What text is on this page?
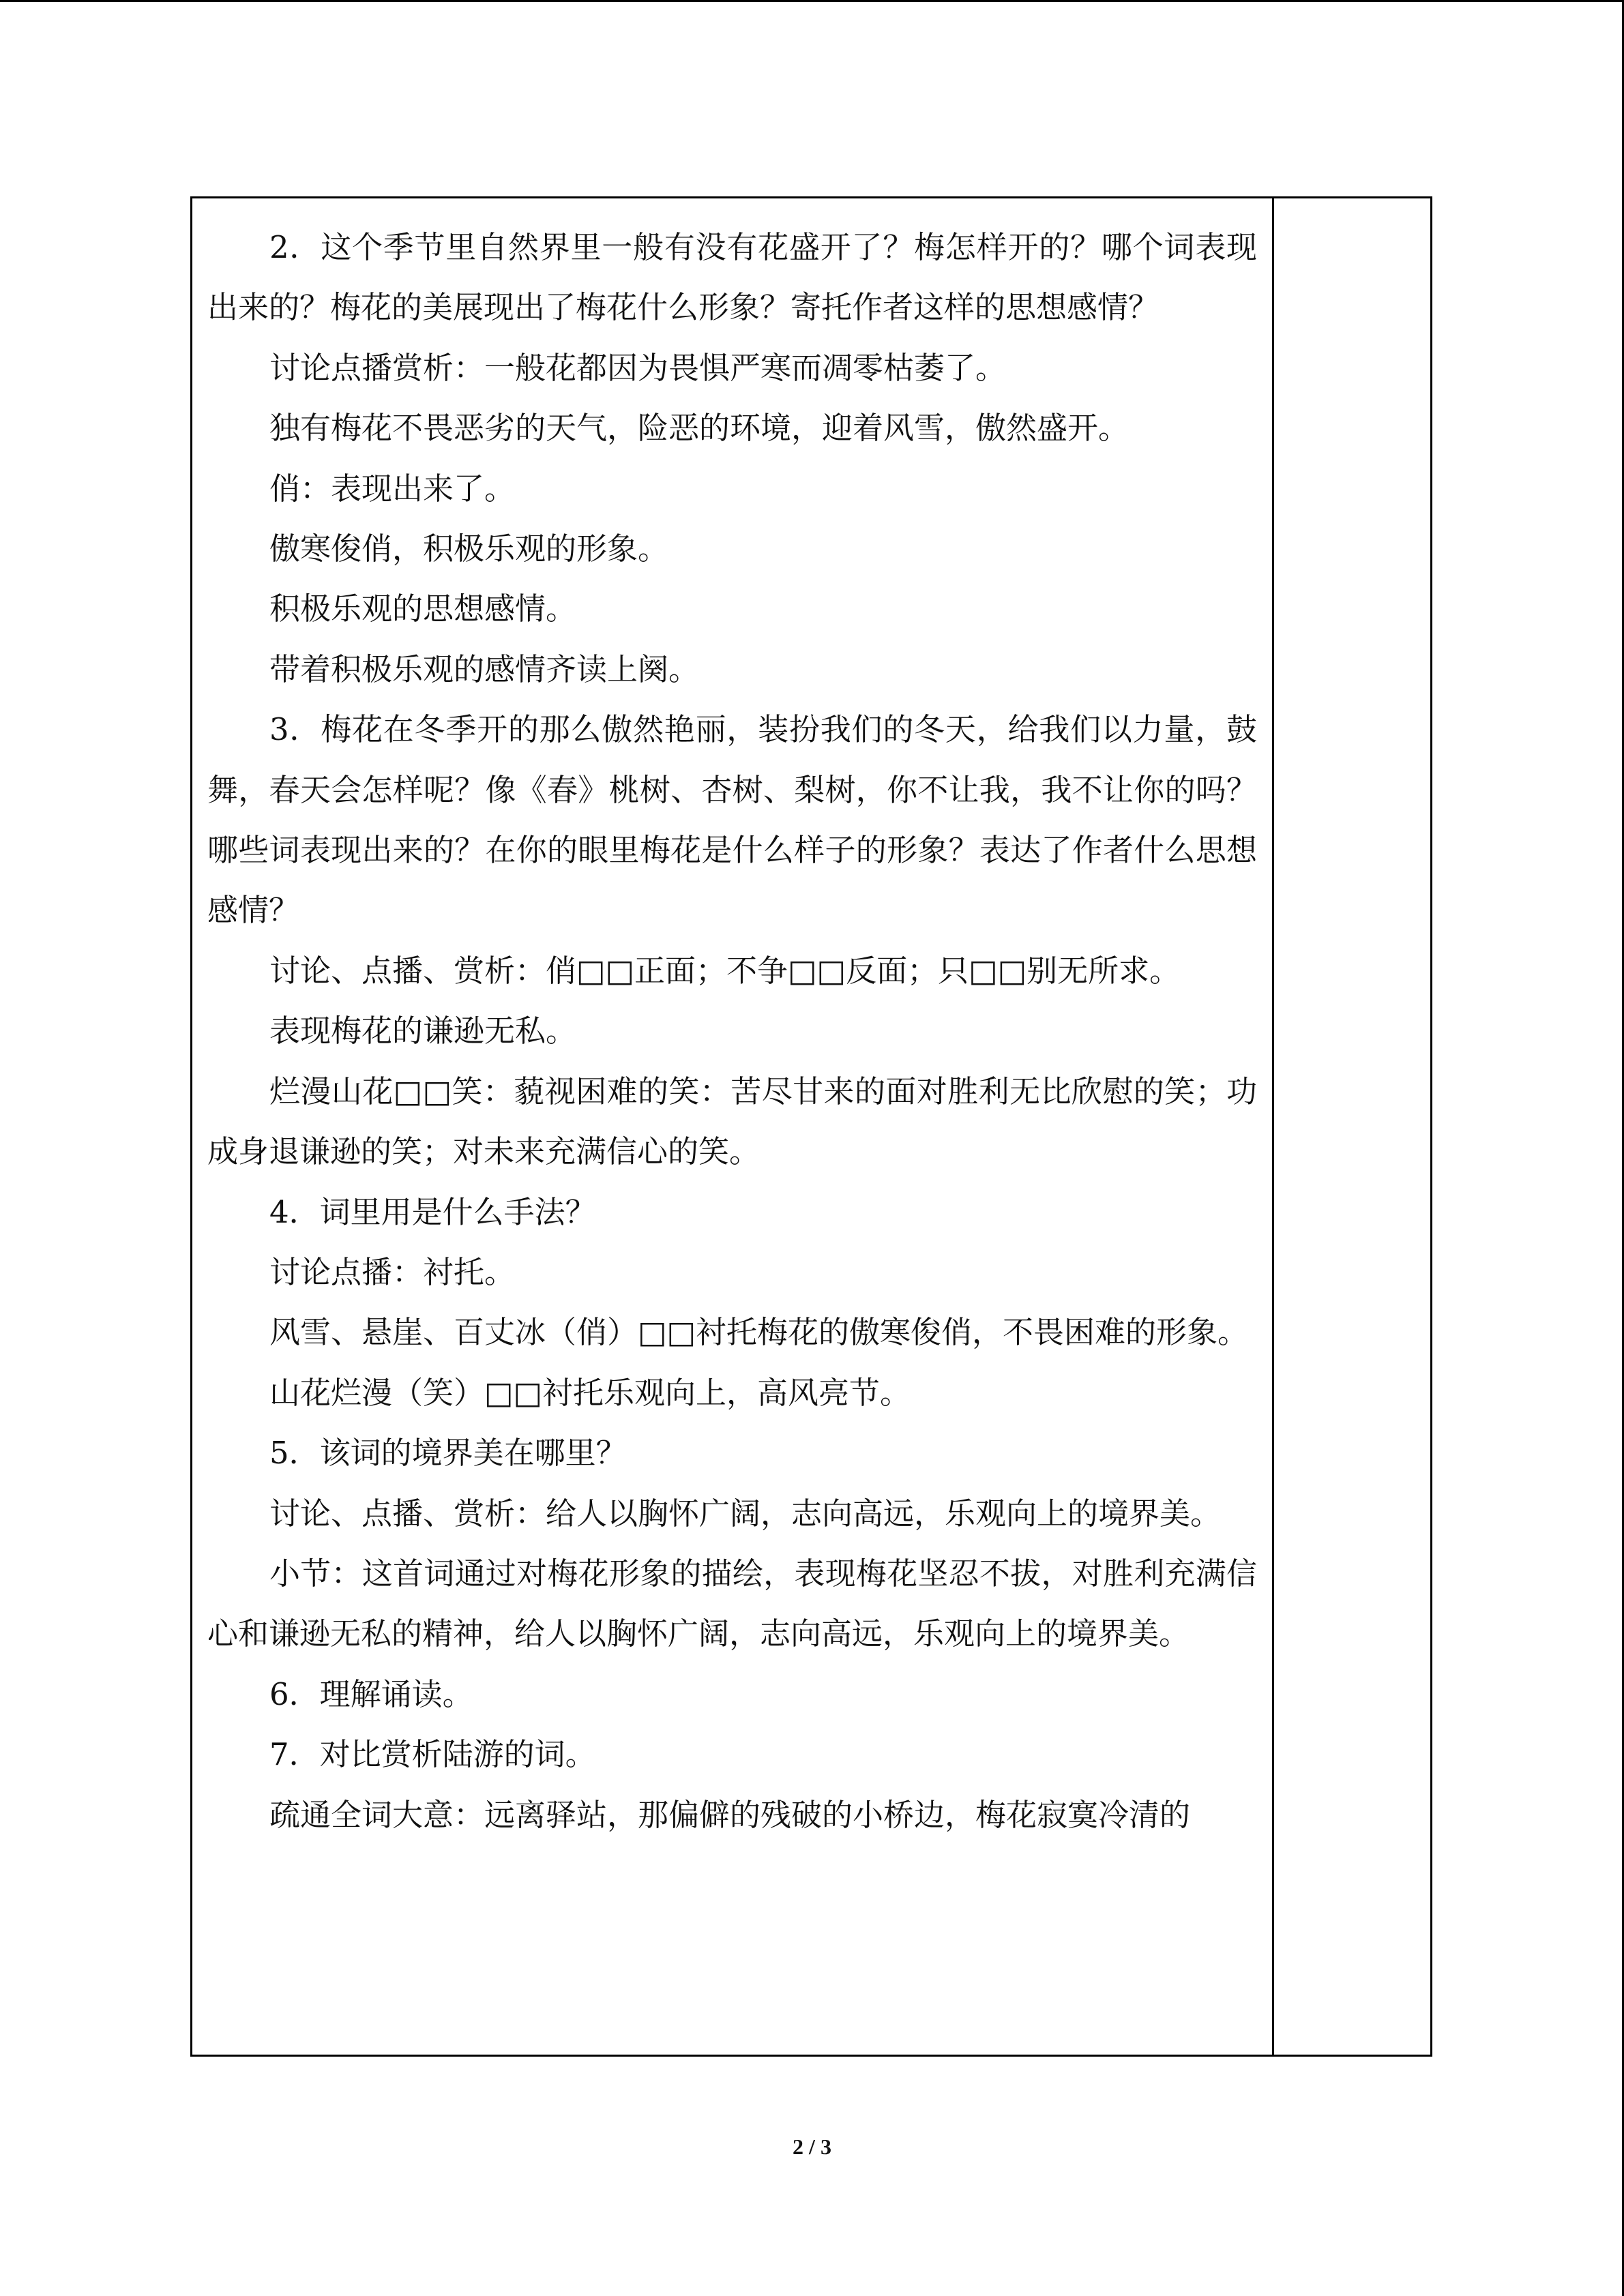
2．这个季节里自然界里一般有没有花盛开了？梅怎样开的？哪个词表现出来的？梅花的美展现出了梅花什么形象？寄托作者这样的思想感情？

讨论点播赏析：一般花都因为畏惧严寒而凋零枯萎了。

独有梅花不畏恶劣的天气，险恶的环境，迎着风雪，傲然盛开。

俏：表现出来了。

傲寒俊俏，积极乐观的形象。

积极乐观的思想感情。

带着积极乐观的感情齐读上阕。

3．梅花在冬季开的那么傲然艳丽，装扮我们的冬天，给我们以力量，鼓舞，春天会怎样呢？像《春》桃树、杏树、梨树，你不让我，我不让你的吗？哪些词表现出来的？在你的眼里梅花是什么样子的形象？表达了作者什么思想感情？

讨论、点播、赏析：俏□□正面；不争□□反面；只□□别无所求。

表现梅花的谦逊无私。

烂漫山花□□笑：藐视困难的笑：苦尽甘来的面对胜利无比欣慰的笑；功成身退谦逊的笑；对未来充满信心的笑。

4．词里用是什么手法？

讨论点播：衬托。

风雪、悬崖、百丈冰（俏）□□衬托梅花的傲寒俊俏，不畏困难的形象。

山花烂漫（笑）□□衬托乐观向上，高风亮节。

5．该词的境界美在哪里？

讨论、点播、赏析：给人以胸怀广阔，志向高远，乐观向上的境界美。

小节：这首词通过对梅花形象的描绘，表现梅花坚忍不拔，对胜利充满信心和谦逊无私的精神，给人以胸怀广阔，志向高远，乐观向上的境界美。

6．理解诵读。

7．对比赏析陆游的词。

疏通全词大意：远离驿站，那偏僻的残破的小桥边，梅花寂寞冷清的

2 / 3
